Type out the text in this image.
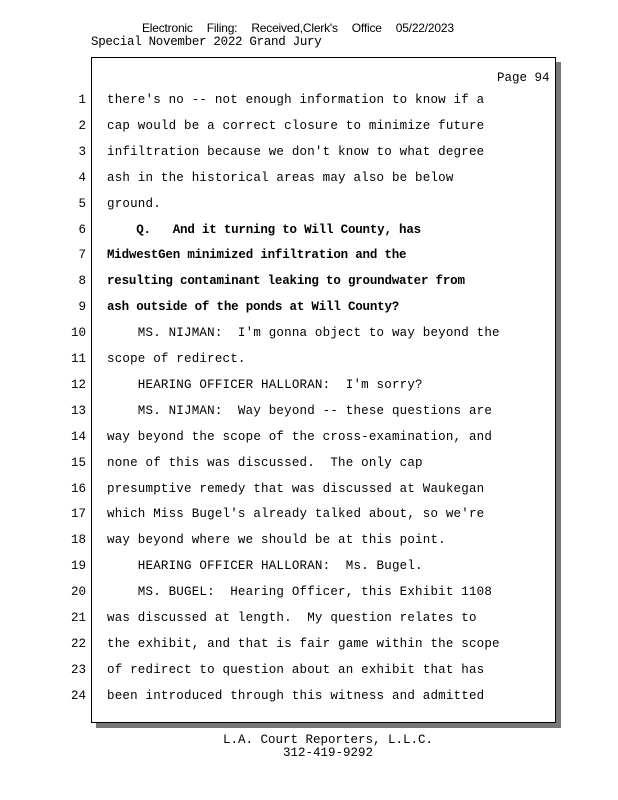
Electronic Filing: Received,Clerk's Office 05/22/2023
Special November 2022 Grand Jury
Page 94
1 there's no -- not enough information to know if a
2 cap would be a correct closure to minimize future
3 infiltration because we don't know to what degree
4 ash in the historical areas may also be below
5 ground.
6 Q.   And it turning to Will County, has
7 MidwestGen minimized infiltration and the
8 resulting contaminant leaking to groundwater from
9 ash outside of the ponds at Will County?
10 MS. NIJMAN:  I'm gonna object to way beyond the
11 scope of redirect.
12 HEARING OFFICER HALLORAN:  I'm sorry?
13 MS. NIJMAN:  Way beyond -- these questions are
14 way beyond the scope of the cross-examination, and
15 none of this was discussed.  The only cap
16 presumptive remedy that was discussed at Waukegan
17 which Miss Bugel's already talked about, so we're
18 way beyond where we should be at this point.
19 HEARING OFFICER HALLORAN:  Ms. Bugel.
20 MS. BUGEL:  Hearing Officer, this Exhibit 1108
21 was discussed at length.  My question relates to
22 the exhibit, and that is fair game within the scope
23 of redirect to question about an exhibit that has
24 been introduced through this witness and admitted
L.A. Court Reporters, L.L.C.
312-419-9292
